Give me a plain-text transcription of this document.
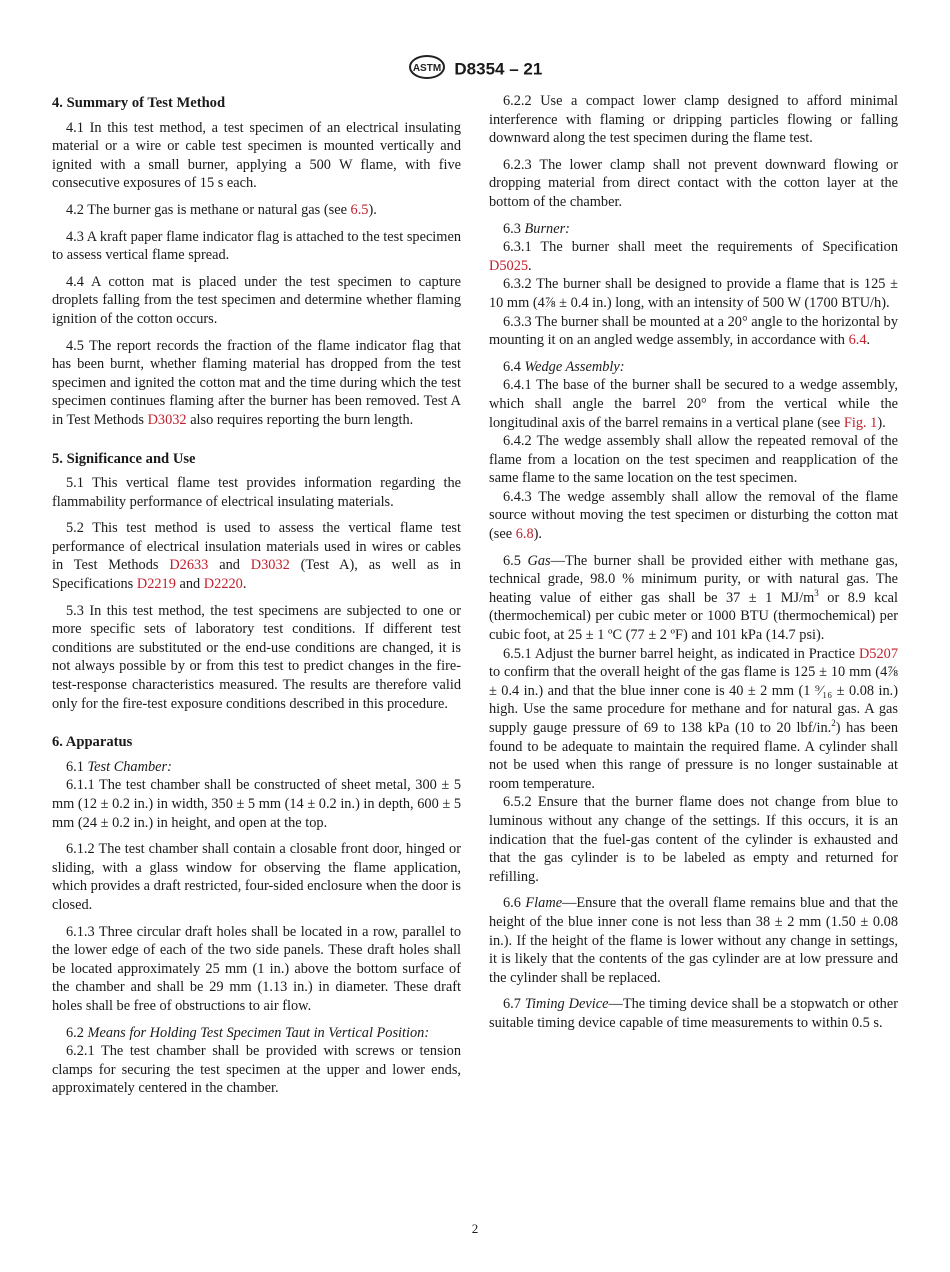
ASTM D8354 – 21
4. Summary of Test Method

4.1 In this test method, a test specimen of an electrical insulating material or a wire or cable test specimen is mounted vertically and ignited with a small burner, applying a 500 W flame, with five consecutive exposures of 15 s each.

4.2 The burner gas is methane or natural gas (see 6.5).

4.3 A kraft paper flame indicator flag is attached to the test specimen to assess vertical flame spread.

4.4 A cotton mat is placed under the test specimen to capture droplets falling from the test specimen and determine whether flaming ignition of the cotton occurs.

4.5 The report records the fraction of the flame indicator flag that has been burnt, whether flaming material has dropped from the test specimen and ignited the cotton mat and the time during which the test specimen continues flaming after the burner has been removed. Test A in Test Methods D3032 also requires reporting the burn length.

5. Significance and Use

5.1 This vertical flame test provides information regarding the flammability performance of electrical insulating materials.

5.2 This test method is used to assess the vertical flame test performance of electrical insulation materials used in wires or cables in Test Methods D2633 and D3032 (Test A), as well as in Specifications D2219 and D2220.

5.3 In this test method, the test specimens are subjected to one or more specific sets of laboratory test conditions. If different test conditions are substituted or the end-use conditions are changed, it is not always possible by or from this test to predict changes in the fire-test-response characteristics measured. The results are therefore valid only for the fire-test exposure conditions described in this procedure.

6. Apparatus

6.1 Test Chamber:

6.1.1 The test chamber shall be constructed of sheet metal, 300 ± 5 mm (12 ± 0.2 in.) in width, 350 ± 5 mm (14 ± 0.2 in.) in depth, 600 ± 5 mm (24 ± 0.2 in.) in height, and open at the top.

6.1.2 The test chamber shall contain a closable front door, hinged or sliding, with a glass window for observing the flame application, which provides a draft restricted, four-sided enclosure when the door is closed.

6.1.3 Three circular draft holes shall be located in a row, parallel to the lower edge of each of the two side panels. These draft holes shall be located approximately 25 mm (1 in.) above the bottom surface of the chamber and shall be 29 mm (1.13 in.) in diameter. These draft holes shall be free of obstructions to air flow.

6.2 Means for Holding Test Specimen Taut in Vertical Position:

6.2.1 The test chamber shall be provided with screws or tension clamps for securing the test specimen at the upper and lower ends, approximately centered in the chamber.

6.2.2 Use a compact lower clamp designed to afford minimal interference with flaming or dripping particles flowing or falling downward along the test specimen during the flame test.

6.2.3 The lower clamp shall not prevent downward flowing or dropping material from direct contact with the cotton layer at the bottom of the chamber.

6.3 Burner:

6.3.1 The burner shall meet the requirements of Specification D5025.

6.3.2 The burner shall be designed to provide a flame that is 125 ± 10 mm (4⅞ ± 0.4 in.) long, with an intensity of 500 W (1700 BTU/h).

6.3.3 The burner shall be mounted at a 20° angle to the horizontal by mounting it on an angled wedge assembly, in accordance with 6.4.

6.4 Wedge Assembly:

6.4.1 The base of the burner shall be secured to a wedge assembly, which shall angle the barrel 20° from the vertical while the longitudinal axis of the barrel remains in a vertical plane (see Fig. 1).

6.4.2 The wedge assembly shall allow the repeated removal of the flame from a location on the test specimen and reapplication of the same flame to the same location on the test specimen.

6.4.3 The wedge assembly shall allow the removal of the flame source without moving the test specimen or disturbing the cotton mat (see 6.8).

6.5 Gas—The burner shall be provided either with methane gas, technical grade, 98.0 % minimum purity, or with natural gas. The heating value of either gas shall be 37 ± 1 $MJ/m^3$ or 8.9 kcal (thermochemical) per cubic meter or 1000 BTU (thermochemical) per cubic foot, at 25 ± 1 ºC (77 ± 2 ºF) and 101 kPa (14.7 psi).

6.5.1 Adjust the burner barrel height, as indicated in Practice D5207 to confirm that the overall height of the gas flame is 125 ± 10 mm (4⅞ ± 0.4 in.) and that the blue inner cone is 40 ± 2 mm (1 ⁹⁄₁₆ ± 0.08 in.) high. Use the same procedure for methane and for natural gas. A gas supply gauge pressure of 69 to 138 kPa (10 to 20 lbf/in.$^2$) has been found to be adequate to maintain the required flame. A cylinder shall not be used when this range of pressure is no longer sustainable at room temperature.

6.5.2 Ensure that the burner flame does not change from blue to luminous without any change of the settings. If this occurs, it is an indication that the fuel-gas content of the cylinder is exhausted and that the gas cylinder is to be labeled as empty and returned for refilling.

6.6 Flame—Ensure that the overall flame remains blue and that the height of the blue inner cone is not less than 38 ± 2 mm (1.50 ± 0.08 in.). If the height of the flame is lower without any change in settings, it is likely that the contents of the gas cylinder are at low pressure and the cylinder shall be replaced.

6.7 Timing Device—The timing device shall be a stopwatch or other suitable timing device capable of time measurements to within 0.5 s.

2
